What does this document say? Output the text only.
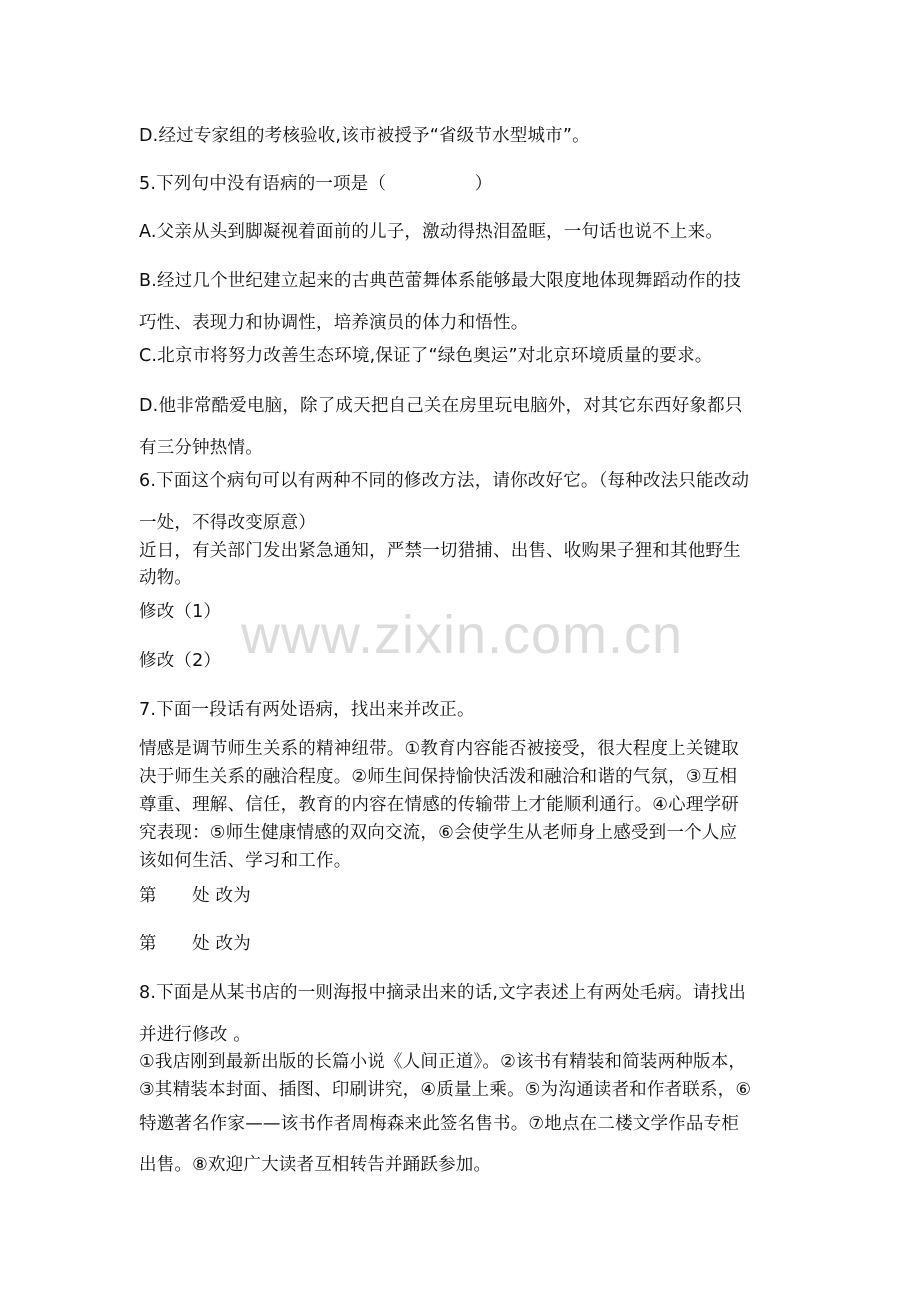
www.zixin.com.cn
D.经过专家组的考核验收,该市被授予“省级节水型城市”。
5.下列句中没有语病的一项是（　　　　　）
A.父亲从头到脚凝视着面前的儿子，激动得热泪盈眶，一句话也说不上来。
B.经过几个世纪建立起来的古典芭蕾舞体系能够最大限度地体现舞蹈动作的技
巧性、表现力和协调性，培养演员的体力和悟性。
C.北京市将努力改善生态环境,保证了“绿色奥运”对北京环境质量的要求。
D.他非常酷爱电脑，除了成天把自己关在房里玩电脑外，对其它东西好象都只
有三分钟热情。
6.下面这个病句可以有两种不同的修改方法，请你改好它。（每种改法只能改动
一处，不得改变原意）
近日，有关部门发出紧急通知，严禁一切猎捕、出售、收购果子狸和其他野生
动物。
修改（1）
修改（2）
7.下面一段话有两处语病，找出来并改正。
情感是调节师生关系的精神纽带。①教育内容能否被接受，很大程度上关键取
决于师生关系的融洽程度。②师生间保持愉快活泼和融洽和谐的气氛，③互相
尊重、理解、信任，教育的内容在情感的传输带上才能顺利通行。④心理学研
究表现：⑤师生健康情感的双向交流，⑥会使学生从老师身上感受到一个人应
该如何生活、学习和工作。
第　　处 改为
第　　处 改为
8.下面是从某书店的一则海报中摘录出来的话,文字表述上有两处毛病。请找出
并进行修改 。
①我店刚到最新出版的长篇小说《人间正道》。②该书有精装和简装两种版本，
③其精装本封面、插图、印刷讲究，④质量上乘。⑤为沟通读者和作者联系，⑥
特邀著名作家——该书作者周梅森来此签名售书。⑦地点在二楼文学作品专柜
出售。⑧欢迎广大读者互相转告并踊跃参加。
